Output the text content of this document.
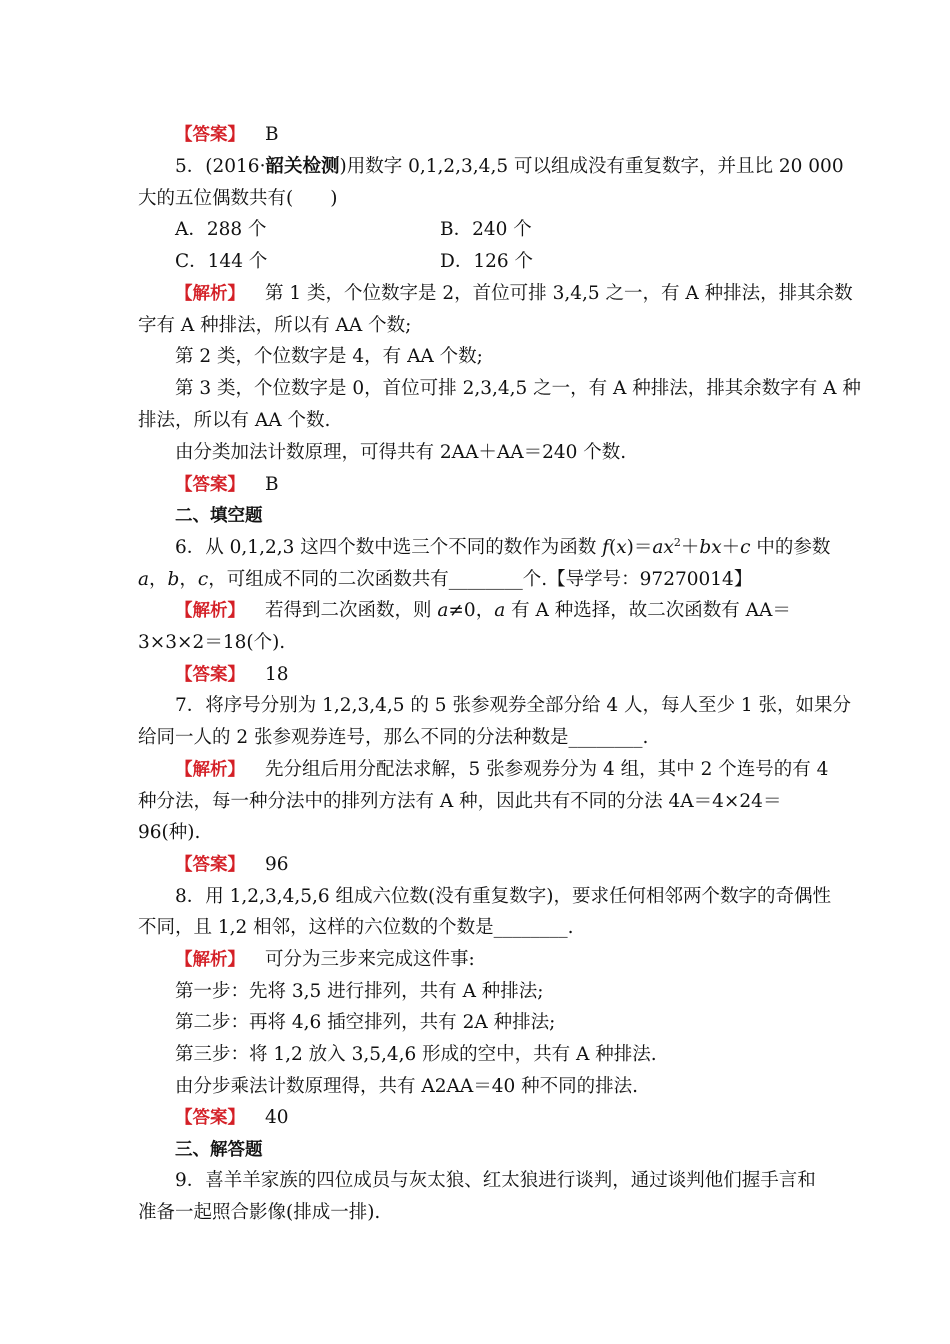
【答案】 B
5．(2016·韶关检测)用数字 0,1,2,3,4,5 可以组成没有重复数字，并且比 20 000
大的五位偶数共有(　　)
A．288 个	B．240 个
C．144 个	D．126 个
【解析】 第 1 类，个位数字是 2，首位可排 3,4,5 之一，有 A 种排法，排其余数
字有 A 种排法，所以有 AA 个数;
第 2 类，个位数字是 4，有 AA 个数;
第 3 类，个位数字是 0，首位可排 2,3,4,5 之一，有 A 种排法，排其余数字有 A 种
排法，所以有 AA 个数.
由分类加法计数原理，可得共有 2AA＋AA＝240 个数.
【答案】 B
二、填空题
6．从 0,1,2,3 这四个数中选三个不同的数作为函数 $f(x)=ax^2+bx+c$ 中的参数
a，b，c，可组成不同的二次函数共有________个.【导学号：97270014】
【解析】 若得到二次函数，则 a≠0，a 有 A 种选择，故二次函数有 AA＝
3×3×2＝18(个).
【答案】 18
7．将序号分别为 1,2,3,4,5 的 5 张参观券全部分给 4 人，每人至少 1 张，如果分
给同一人的 2 张参观券连号，那么不同的分法种数是________.
【解析】 先分组后用分配法求解，5 张参观券分为 4 组，其中 2 个连号的有 4
种分法，每一种分法中的排列方法有 A 种，因此共有不同的分法 4A＝4×24＝
96(种).
【答案】 96
8．用 1,2,3,4,5,6 组成六位数(没有重复数字)，要求任何相邻两个数字的奇偶性
不同，且 1,2 相邻，这样的六位数的个数是________.
【解析】 可分为三步来完成这件事:
第一步：先将 3,5 进行排列，共有 A 种排法;
第二步：再将 4,6 插空排列，共有 2A 种排法;
第三步：将 1,2 放入 3,5,4,6 形成的空中，共有 A 种排法.
由分步乘法计数原理得，共有 A2AA＝40 种不同的排法.
【答案】 40
三、解答题
9．喜羊羊家族的四位成员与灰太狼、红太狼进行谈判，通过谈判他们握手言和
准备一起照合影像(排成一排).
